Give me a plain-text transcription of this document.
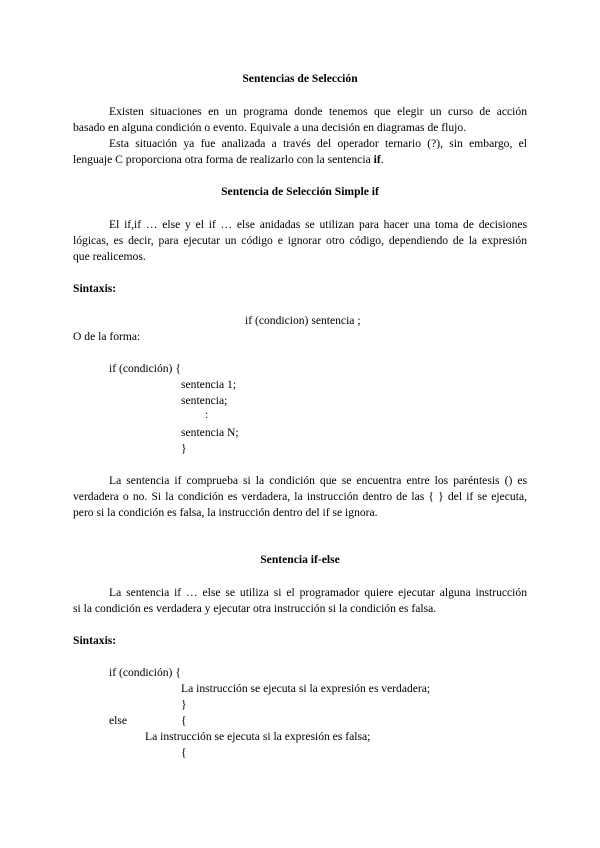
Sentencias de Selección
Existen situaciones en un programa donde tenemos que elegir un curso de acción
basado en alguna condición o evento. Equivale a una decisión en diagramas de flujo.
Esta situación ya fue analizada a través del operador ternario (?), sin embargo, el
lenguaje C proporciona otra forma de realizarlo con la sentencia if.
Sentencia de Selección Simple if
El if,if … else y el if … else anidadas se utilizan para hacer una toma de decisiones
lógicas, es decir, para ejecutar un código e ignorar otro código, dependiendo de la expresión
que realicemos.
Sintaxis:
if (condicion) sentencia ;
O de la forma:
if (condición) {
sentencia 1;
sentencia;
:
sentencia N;
}
La sentencia if comprueba si la condición que se encuentra entre los paréntesis () es
verdadera o no. Si la condición es verdadera, la instrucción dentro de las { } del if se ejecuta,
pero si la condición es falsa, la instrucción dentro del if se ignora.
Sentencia if-else
La sentencia if … else se utiliza si el programador quiere ejecutar alguna instrucción
si la condición es verdadera y ejecutar otra instrucción si la condición es falsa.
Sintaxis:
if (condición) {
La instrucción se ejecuta si la expresión es verdadera;
}
else	{
La instrucción se ejecuta si la expresión es falsa;
{
